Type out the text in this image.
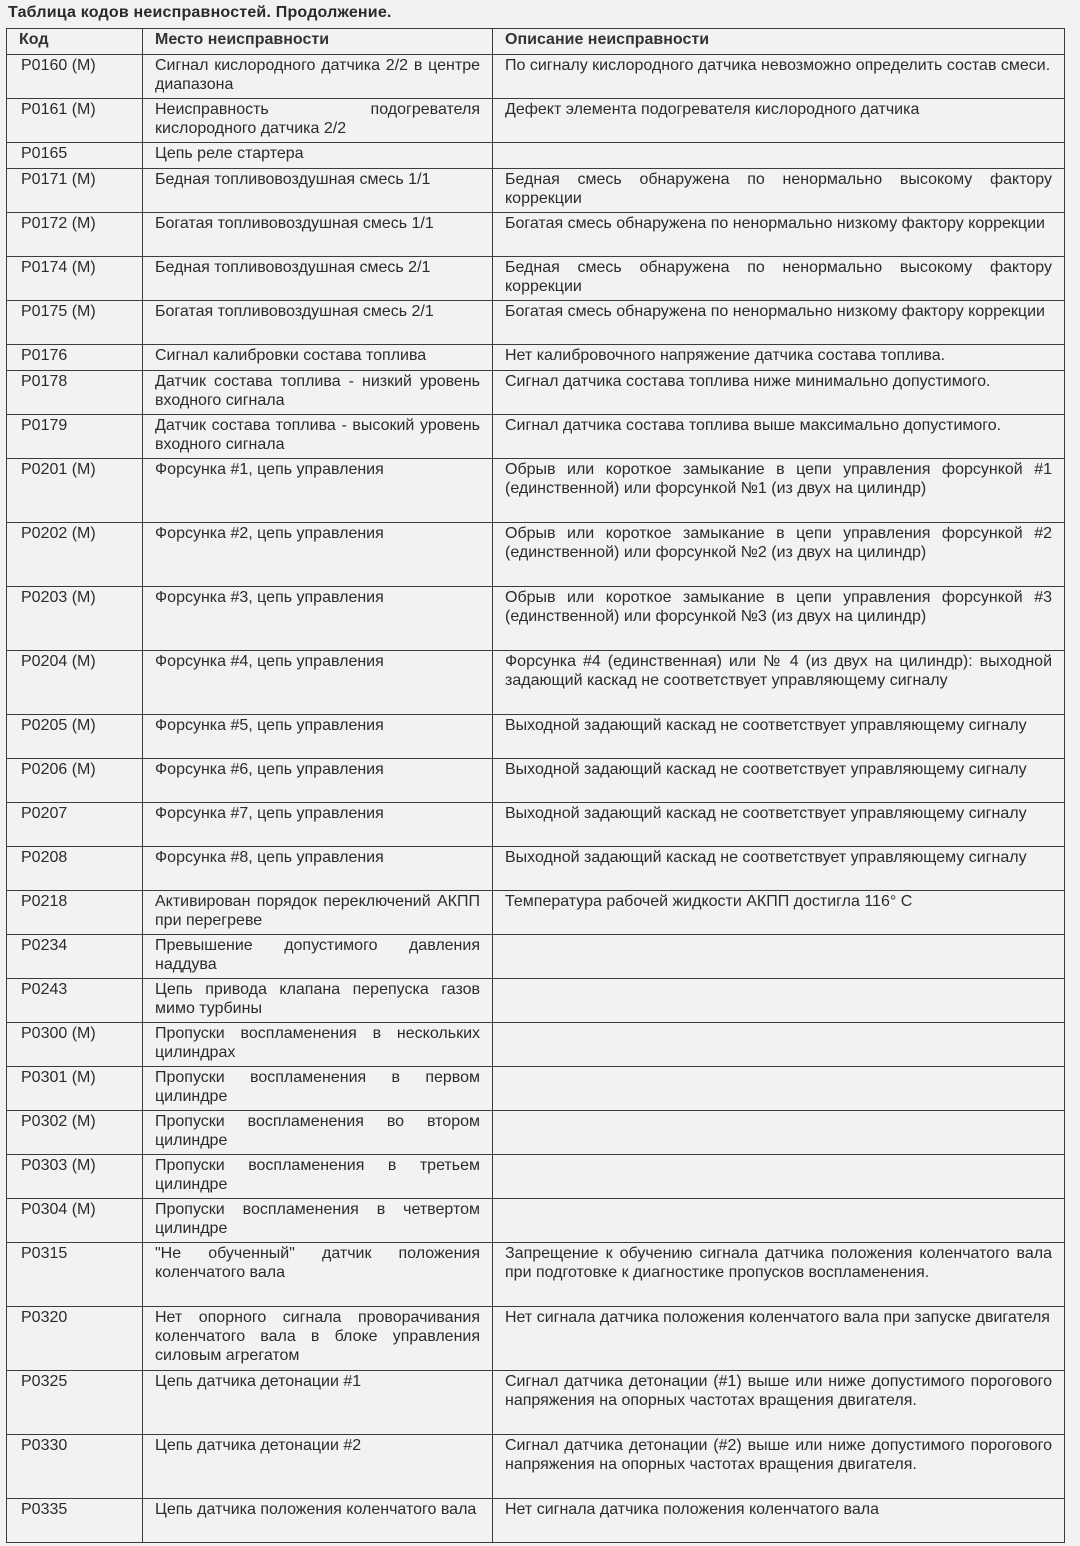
Таблица кодов неисправностей. Продолжение.
Код	Место неисправности	Описание неисправности
P0160 (M)	Сигнал кислородного датчика 2/2 в центре диапазона	По сигналу кислородного датчика невозможно определить состав смеси.
P0161 (M)	Неисправность подогревателя кислородного датчика 2/2	Дефект элемента подогревателя кислородного датчика
P0165	Цепь реле стартера	
P0171 (M)	Бедная топливовоздушная смесь 1/1	Бедная смесь обнаружена по ненормально высокому фактору коррекции
P0172 (M)	Богатая топливовоздушная смесь 1/1	Богатая смесь обнаружена по ненормально низкому фактору коррекции
P0174 (M)	Бедная топливовоздушная смесь 2/1	Бедная смесь обнаружена по ненормально высокому фактору коррекции
P0175 (M)	Богатая топливовоздушная смесь 2/1	Богатая смесь обнаружена по ненормально низкому фактору коррекции
P0176	Сигнал калибровки состава топлива	Нет калибровочного напряжение датчика состава топлива.
P0178	Датчик состава топлива - низкий уровень входного сигнала	Сигнал датчика состава топлива ниже минимально допустимого.
P0179	Датчик состава топлива - высокий уровень входного сигнала	Сигнал датчика состава топлива выше максимально допустимого.
P0201 (M)	Форсунка #1, цепь управления	Обрыв или короткое замыкание в цепи управления форсункой #1 (единственной) или форсункой №1 (из двух на цилиндр)
P0202 (M)	Форсунка #2, цепь управления	Обрыв или короткое замыкание в цепи управления форсункой #2 (единственной) или форсункой №2 (из двух на цилиндр)
P0203 (M)	Форсунка #3, цепь управления	Обрыв или короткое замыкание в цепи управления форсункой #3 (единственной) или форсункой №3 (из двух на цилиндр)
P0204 (M)	Форсунка #4, цепь управления	Форсунка #4 (единственная) или № 4 (из двух на цилиндр): выходной задающий каскад не соответствует управляющему сигналу
P0205 (M)	Форсунка #5, цепь управления	Выходной задающий каскад не соответствует управляющему сигналу
P0206 (M)	Форсунка #6, цепь управления	Выходной задающий каскад не соответствует управляющему сигналу
P0207	Форсунка #7, цепь управления	Выходной задающий каскад не соответствует управляющему сигналу
P0208	Форсунка #8, цепь управления	Выходной задающий каскад не соответствует управляющему сигналу
P0218	Активирован порядок переключений АКПП при перегреве	Температура рабочей жидкости АКПП достигла 116° С
P0234	Превышение допустимого давления наддува	
P0243	Цепь привода клапана перепуска газов мимо турбины	
P0300 (M)	Пропуски воспламенения в нескольких цилиндрах	
P0301 (M)	Пропуски воспламенения в первом цилиндре	
P0302 (M)	Пропуски воспламенения во втором цилиндре	
P0303 (M)	Пропуски воспламенения в третьем цилиндре	
P0304 (M)	Пропуски воспламенения в четвертом цилиндре	
P0315	"Не обученный" датчик положения коленчатого вала	Запрещение к обучению сигнала датчика положения коленчатого вала при подготовке к диагностике пропусков воспламенения.
P0320	Нет опорного сигнала проворачивания коленчатого вала в блоке управления силовым агрегатом	Нет сигнала датчика положения коленчатого вала при запуске двигателя
P0325	Цепь датчика детонации #1	Сигнал датчика детонации (#1) выше или ниже допустимого порогового напряжения на опорных частотах вращения двигателя.
P0330	Цепь датчика детонации #2	Сигнал датчика детонации (#2) выше или ниже допустимого порогового напряжения на опорных частотах вращения двигателя.
P0335	Цепь датчика положения коленчатого вала	Нет сигнала датчика положения коленчатого вала
